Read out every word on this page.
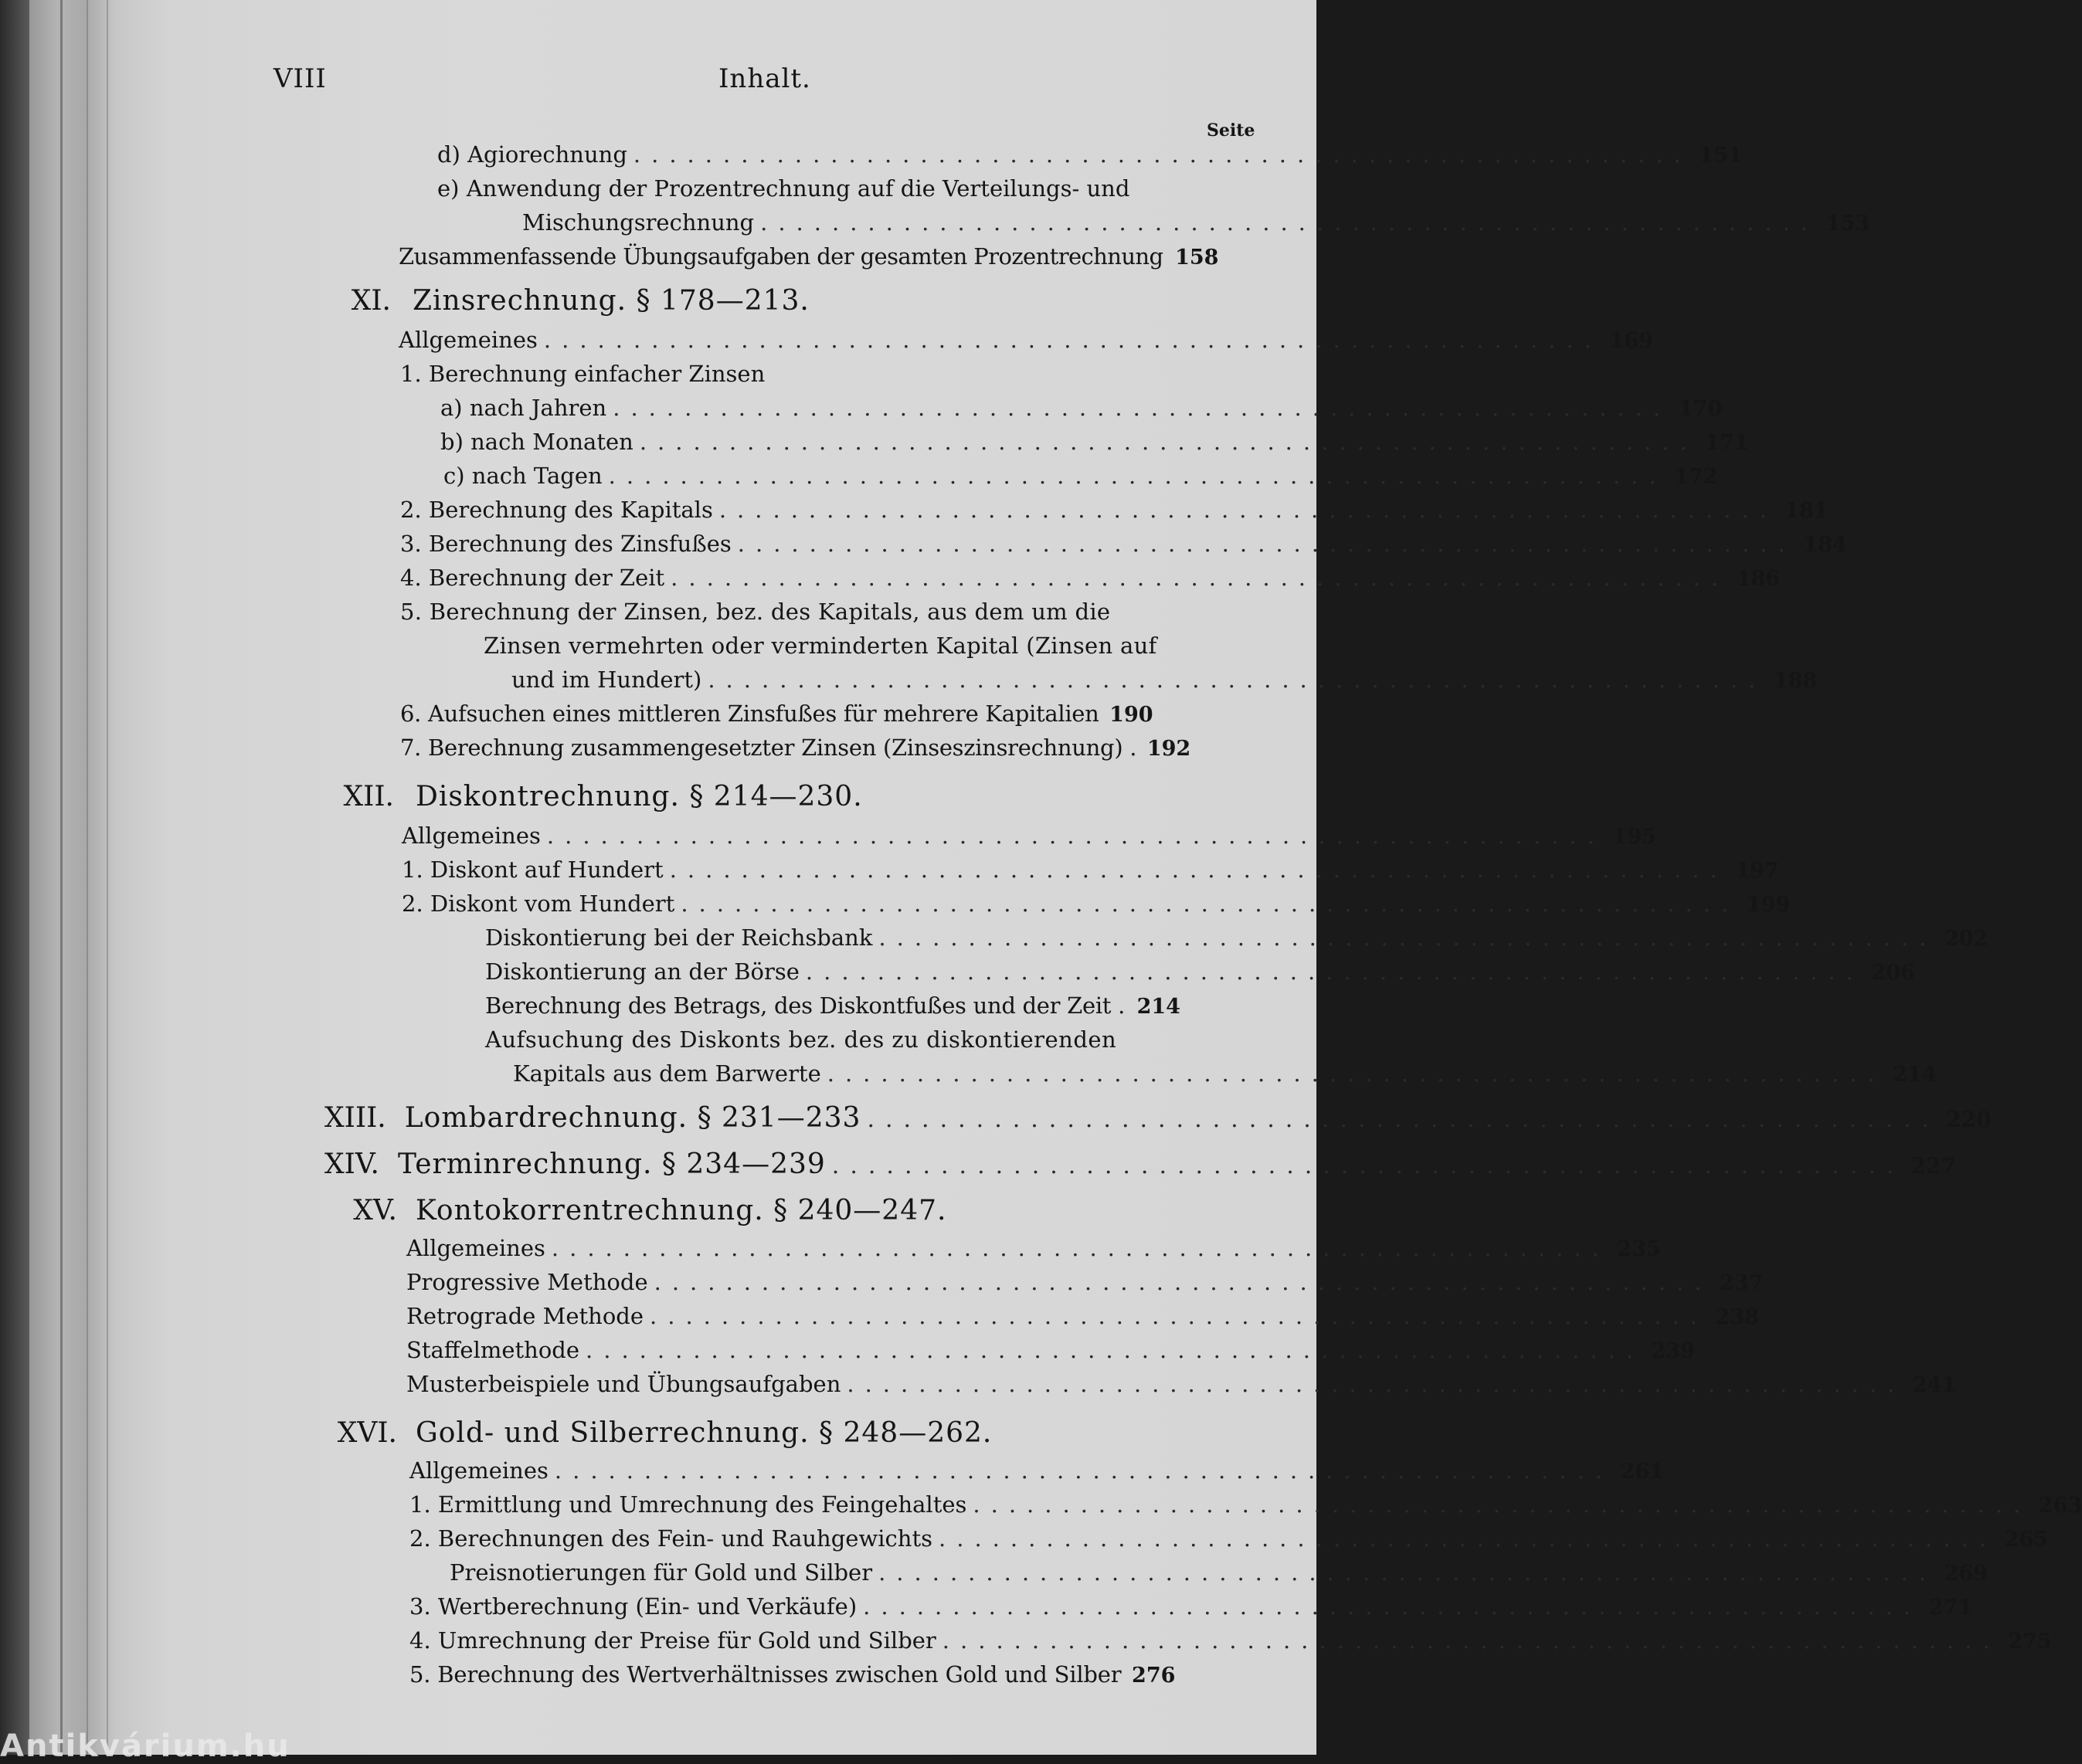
VIII	Inhalt.
Seite
d) Agiorechnung ........................................................... 151
e) Anwendung der Prozentrechnung auf die Verteilungs- und
Mischungsrechnung ........................................................... 153
Zusammenfassende Übungsaufgaben der gesamten Prozentrechnung 158
XI. Zinsrechnung. § 178—213.
Allgemeines ........................................................... 169
1. Berechnung einfacher Zinsen
a) nach Jahren ........................................................... 170
b) nach Monaten ........................................................... 171
c) nach Tagen ........................................................... 172
2. Berechnung des Kapitals ........................................................... 181
3. Berechnung des Zinsfußes ........................................................... 184
4. Berechnung der Zeit ........................................................... 186
5. Berechnung der Zinsen, bez. des Kapitals, aus dem um die
Zinsen vermehrten oder verminderten Kapital (Zinsen auf
und im Hundert) ........................................................... 188
6. Aufsuchen eines mittleren Zinsfußes für mehrere Kapitalien 190
7. Berechnung zusammengesetzter Zinsen (Zinseszinsrechnung) . 192
XII. Diskontrechnung. § 214—230.
Allgemeines ........................................................... 195
1. Diskont auf Hundert ........................................................... 197
2. Diskont vom Hundert ........................................................... 199
Diskontierung bei der Reichsbank ........................................................... 202
Diskontierung an der Börse ........................................................... 206
Berechnung des Betrags, des Diskontfußes und der Zeit . 214
Aufsuchung des Diskonts bez. des zu diskontierenden
Kapitals aus dem Barwerte ........................................................... 214
XIII. Lombardrechnung. § 231—233 ........................................................... 220
XIV. Terminrechnung. § 234—239 ........................................................... 227
XV. Kontokorrentrechnung. § 240—247.
Allgemeines ........................................................... 235
Progressive Methode ........................................................... 237
Retrograde Methode ........................................................... 238
Staffelmethode ........................................................... 239
Musterbeispiele und Übungsaufgaben ........................................................... 241
XVI. Gold- und Silberrechnung. § 248—262.
Allgemeines ........................................................... 261
1. Ermittlung und Umrechnung des Feingehaltes ........................................................... 263
2. Berechnungen des Fein- und Rauhgewichts ........................................................... 265
Preisnotierungen für Gold und Silber ........................................................... 269
3. Wertberechnung (Ein- und Verkäufe) ........................................................... 271
4. Umrechnung der Preise für Gold und Silber ........................................................... 275
5. Berechnung des Wertverhältnisses zwischen Gold und Silber 276
Antikvárium.hu
